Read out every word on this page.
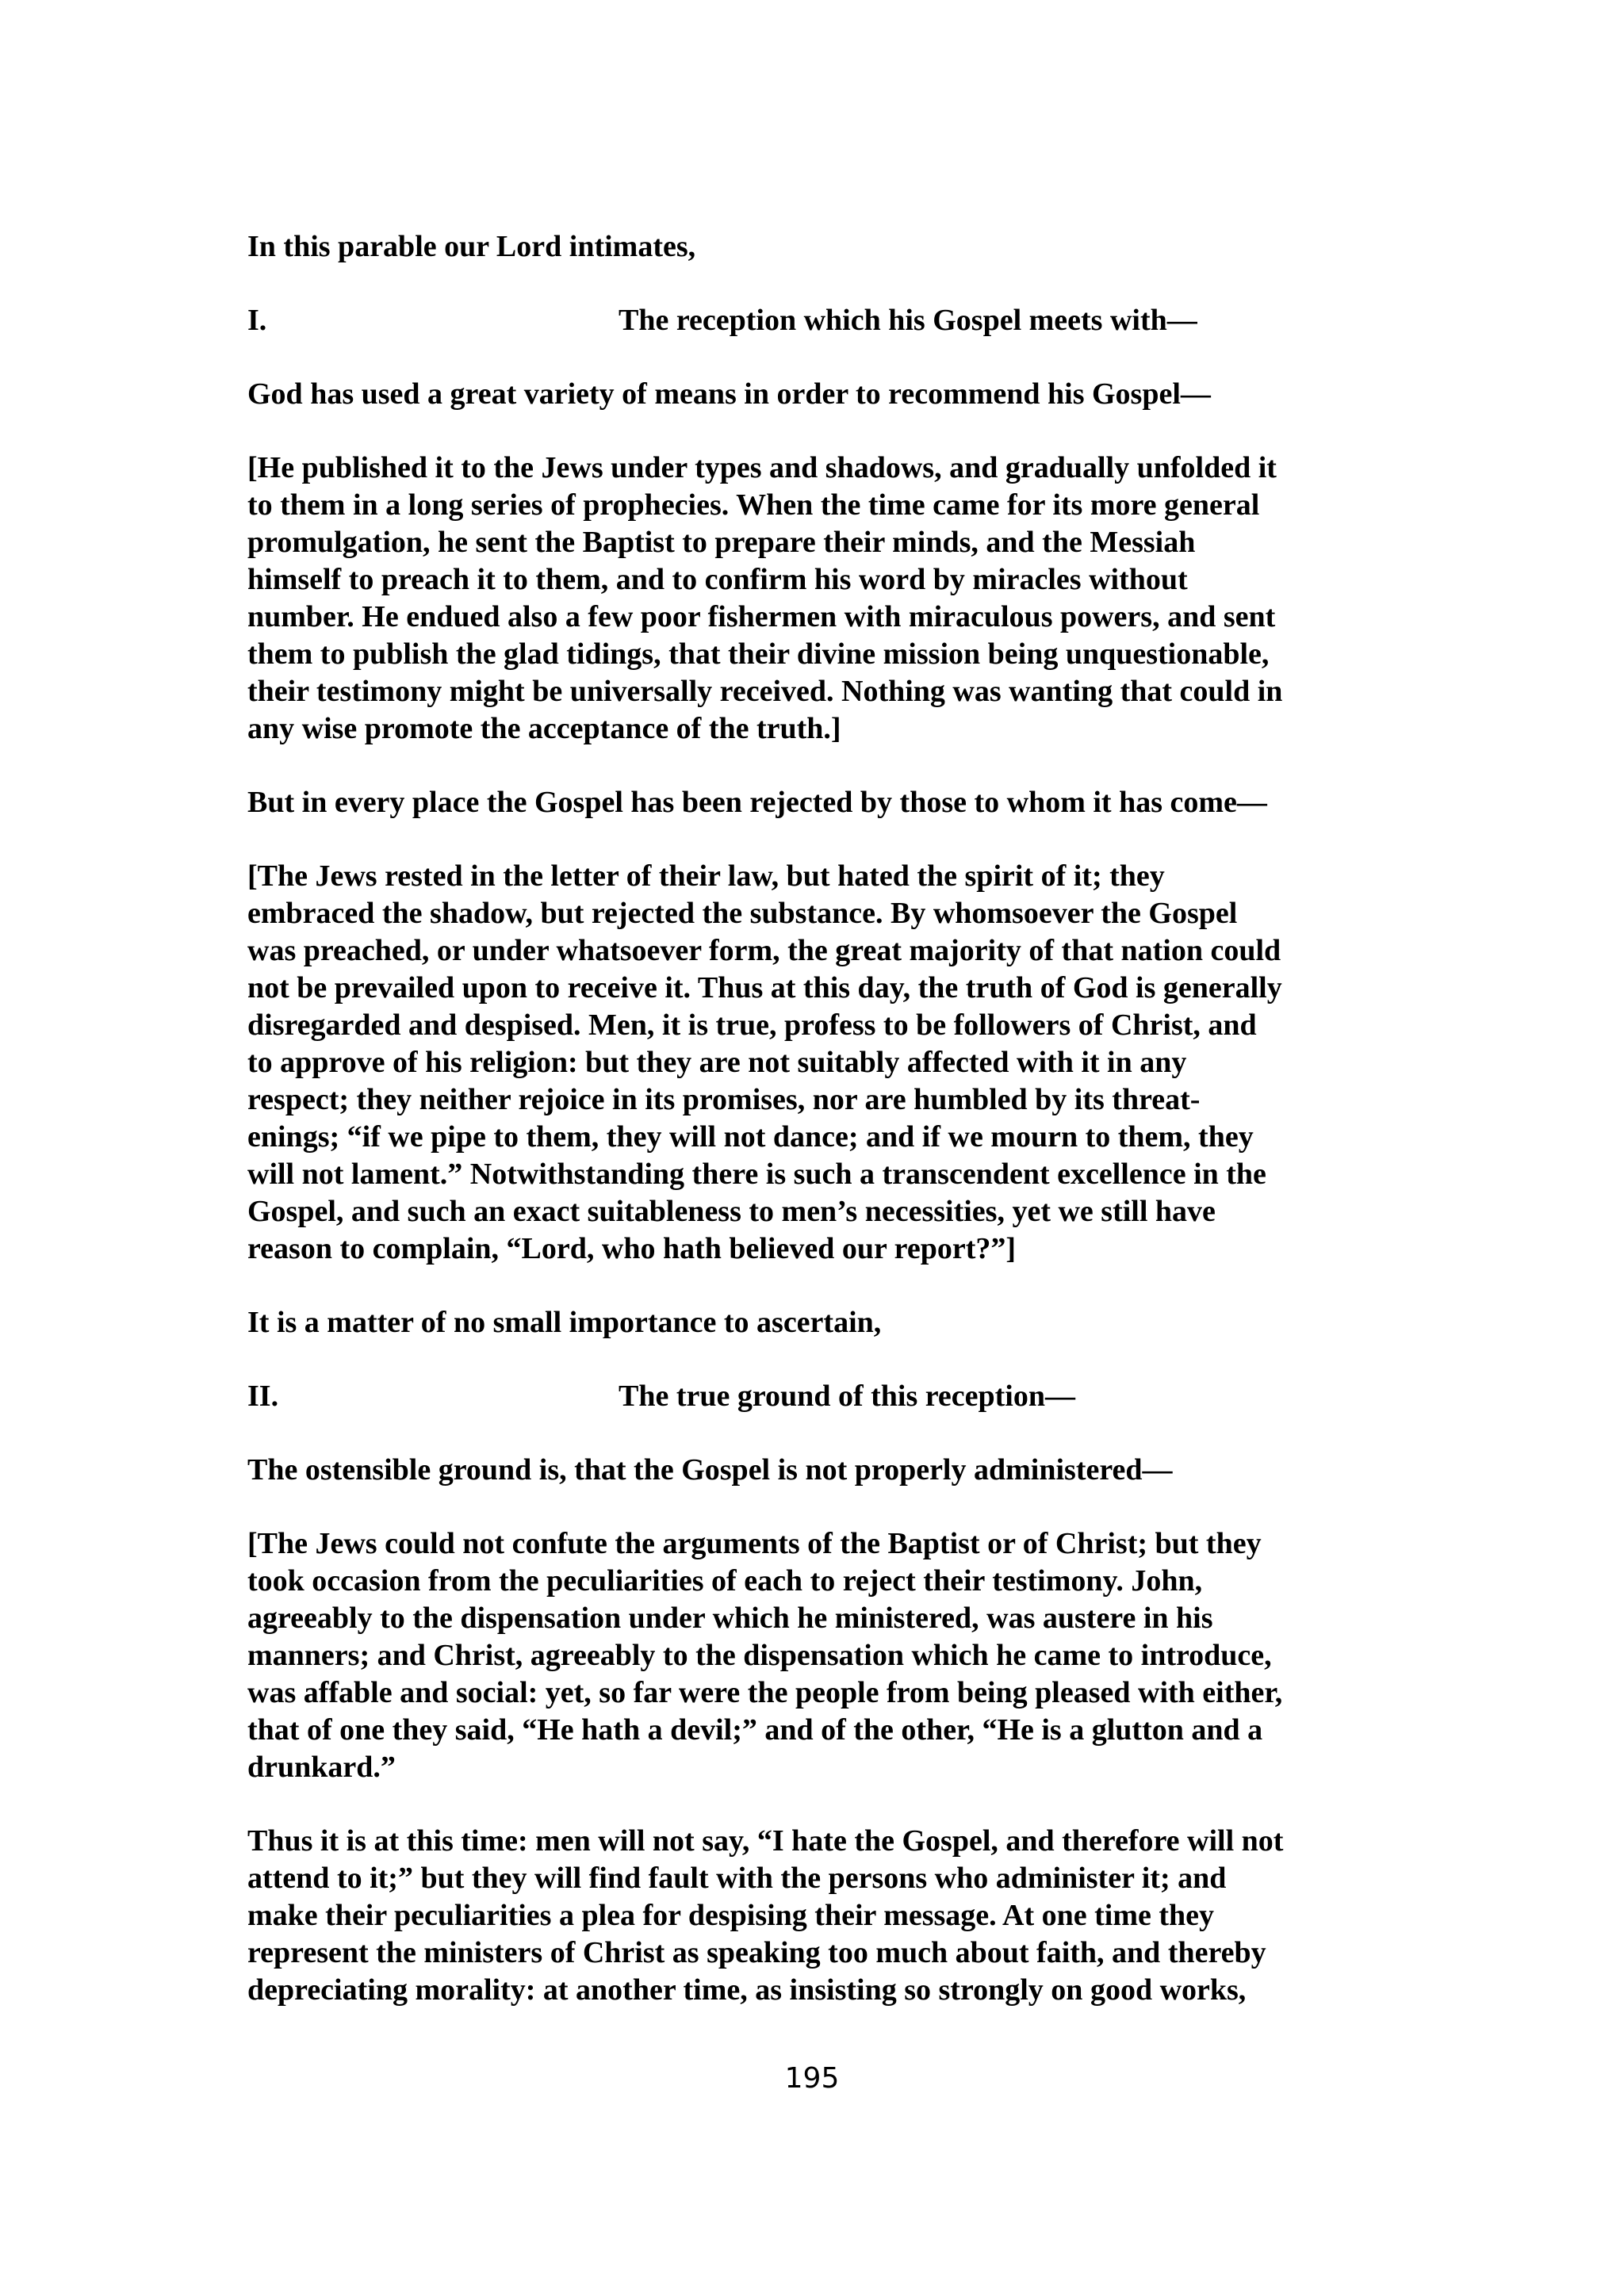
In this parable our Lord intimates,

I.	The reception which his Gospel meets with—

God has used a great variety of means in order to recommend his Gospel—

[He published it to the Jews under types and shadows, and gradually unfolded it
to them in a long series of prophecies. When the time came for its more general
promulgation, he sent the Baptist to prepare their minds, and the Messiah
himself to preach it to them, and to confirm his word by miracles without
number. He endued also a few poor fishermen with miraculous powers, and sent
them to publish the glad tidings, that their divine mission being unquestionable,
their testimony might be universally received. Nothing was wanting that could in
any wise promote the acceptance of the truth.]

But in every place the Gospel has been rejected by those to whom it has come—

[The Jews rested in the letter of their law, but hated the spirit of it; they
embraced the shadow, but rejected the substance. By whomsoever the Gospel
was preached, or under whatsoever form, the great majority of that nation could
not be prevailed upon to receive it. Thus at this day, the truth of God is generally
disregarded and despised. Men, it is true, profess to be followers of Christ, and
to approve of his religion: but they are not suitably affected with it in any
respect; they neither rejoice in its promises, nor are humbled by its threat-
enings; “if we pipe to them, they will not dance; and if we mourn to them, they
will not lament.” Notwithstanding there is such a transcendent excellence in the
Gospel, and such an exact suitableness to men’s necessities, yet we still have
reason to complain, “Lord, who hath believed our report?”]

It is a matter of no small importance to ascertain,

II.	The true ground of this reception—

The ostensible ground is, that the Gospel is not properly administered—

[The Jews could not confute the arguments of the Baptist or of Christ; but they
took occasion from the peculiarities of each to reject their testimony. John,
agreeably to the dispensation under which he ministered, was austere in his
manners; and Christ, agreeably to the dispensation which he came to introduce,
was affable and social: yet, so far were the people from being pleased with either,
that of one they said, “He hath a devil;” and of the other, “He is a glutton and a
drunkard.”

Thus it is at this time: men will not say, “I hate the Gospel, and therefore will not
attend to it;” but they will find fault with the persons who administer it; and
make their peculiarities a plea for despising their message. At one time they
represent the ministers of Christ as speaking too much about faith, and thereby
depreciating morality: at another time, as insisting so strongly on good works,

195
